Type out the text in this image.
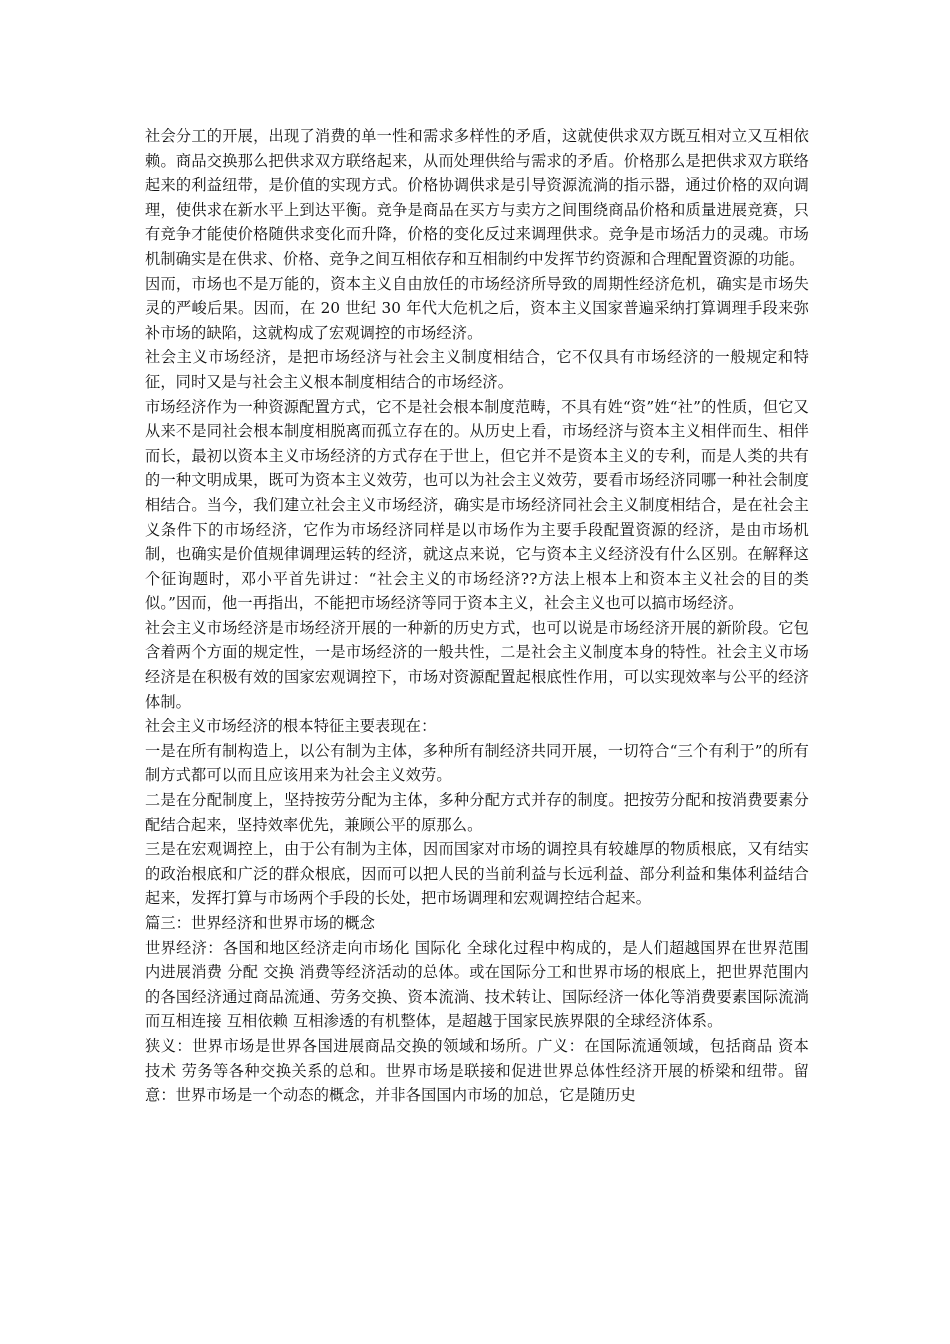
社会分工的开展，出现了消费的单一性和需求多样性的矛盾，这就使供求双方既互相对立又互相依赖。商品交换那么把供求双方联络起来，从而处理供给与需求的矛盾。价格那么是把供求双方联络起来的利益纽带，是价值的实现方式。价格协调供求是引导资源流淌的指示器，通过价格的双向调理，使供求在新水平上到达平衡。竞争是商品在买方与卖方之间围绕商品价格和质量进展竞赛，只有竞争才能使价格随供求变化而升降，价格的变化反过来调理供求。竞争是市场活力的灵魂。市场机制确实是在供求、价格、竞争之间互相依存和互相制约中发挥节约资源和合理配置资源的功能。

因而，市场也不是万能的，资本主义自由放任的市场经济所导致的周期性经济危机，确实是市场失灵的严峻后果。因而，在 20 世纪 30 年代大危机之后，资本主义国家普遍采纳打算调理手段来弥补市场的缺陷，这就构成了宏观调控的市场经济。

社会主义市场经济，是把市场经济与社会主义制度相结合，它不仅具有市场经济的一般规定和特征，同时又是与社会主义根本制度相结合的市场经济。

市场经济作为一种资源配置方式，它不是社会根本制度范畴，不具有姓“资”姓“社”的性质，但它又从来不是同社会根本制度相脱离而孤立存在的。从历史上看，市场经济与资本主义相伴而生、相伴而长，最初以资本主义市场经济的方式存在于世上，但它并不是资本主义的专利，而是人类的共有的一种文明成果，既可为资本主义效劳，也可以为社会主义效劳，要看市场经济同哪一种社会制度相结合。当今，我们建立社会主义市场经济，确实是市场经济同社会主义制度相结合，是在社会主义条件下的市场经济，它作为市场经济同样是以市场作为主要手段配置资源的经济，是由市场机制，也确实是价值规律调理运转的经济，就这点来说，它与资本主义经济没有什么区别。在解释这个征询题时，邓小平首先讲过：“社会主义的市场经济??方法上根本上和资本主义社会的目的类似。”因而，他一再指出，不能把市场经济等同于资本主义，社会主义也可以搞市场经济。

社会主义市场经济是市场经济开展的一种新的历史方式，也可以说是市场经济开展的新阶段。它包含着两个方面的规定性，一是市场经济的一般共性，二是社会主义制度本身的特性。社会主义市场经济是在积极有效的国家宏观调控下，市场对资源配置起根底性作用，可以实现效率与公平的经济体制。

社会主义市场经济的根本特征主要表现在：

一是在所有制构造上，以公有制为主体，多种所有制经济共同开展，一切符合“三个有利于”的所有制方式都可以而且应该用来为社会主义效劳。

二是在分配制度上，坚持按劳分配为主体，多种分配方式并存的制度。把按劳分配和按消费要素分配结合起来，坚持效率优先，兼顾公平的原那么。

三是在宏观调控上，由于公有制为主体，因而国家对市场的调控具有较雄厚的物质根底，又有结实的政治根底和广泛的群众根底，因而可以把人民的当前利益与长远利益、部分利益和集体利益结合起来，发挥打算与市场两个手段的长处，把市场调理和宏观调控结合起来。

篇三：世界经济和世界市场的概念

世界经济：各国和地区经济走向市场化 国际化 全球化过程中构成的，是人们超越国界在世界范围内进展消费 分配 交换 消费等经济活动的总体。或在国际分工和世界市场的根底上，把世界范围内的各国经济通过商品流通、劳务交换、资本流淌、技术转让、国际经济一体化等消费要素国际流淌而互相连接 互相依赖 互相渗透的有机整体，是超越于国家民族界限的全球经济体系。

狭义：世界市场是世界各国进展商品交换的领域和场所。广义：在国际流通领域，包括商品 资本 技术 劳务等各种交换关系的总和。世界市场是联接和促进世界总体性经济开展的桥梁和纽带。留意：世界市场是一个动态的概念，并非各国国内市场的加总，它是随历史
